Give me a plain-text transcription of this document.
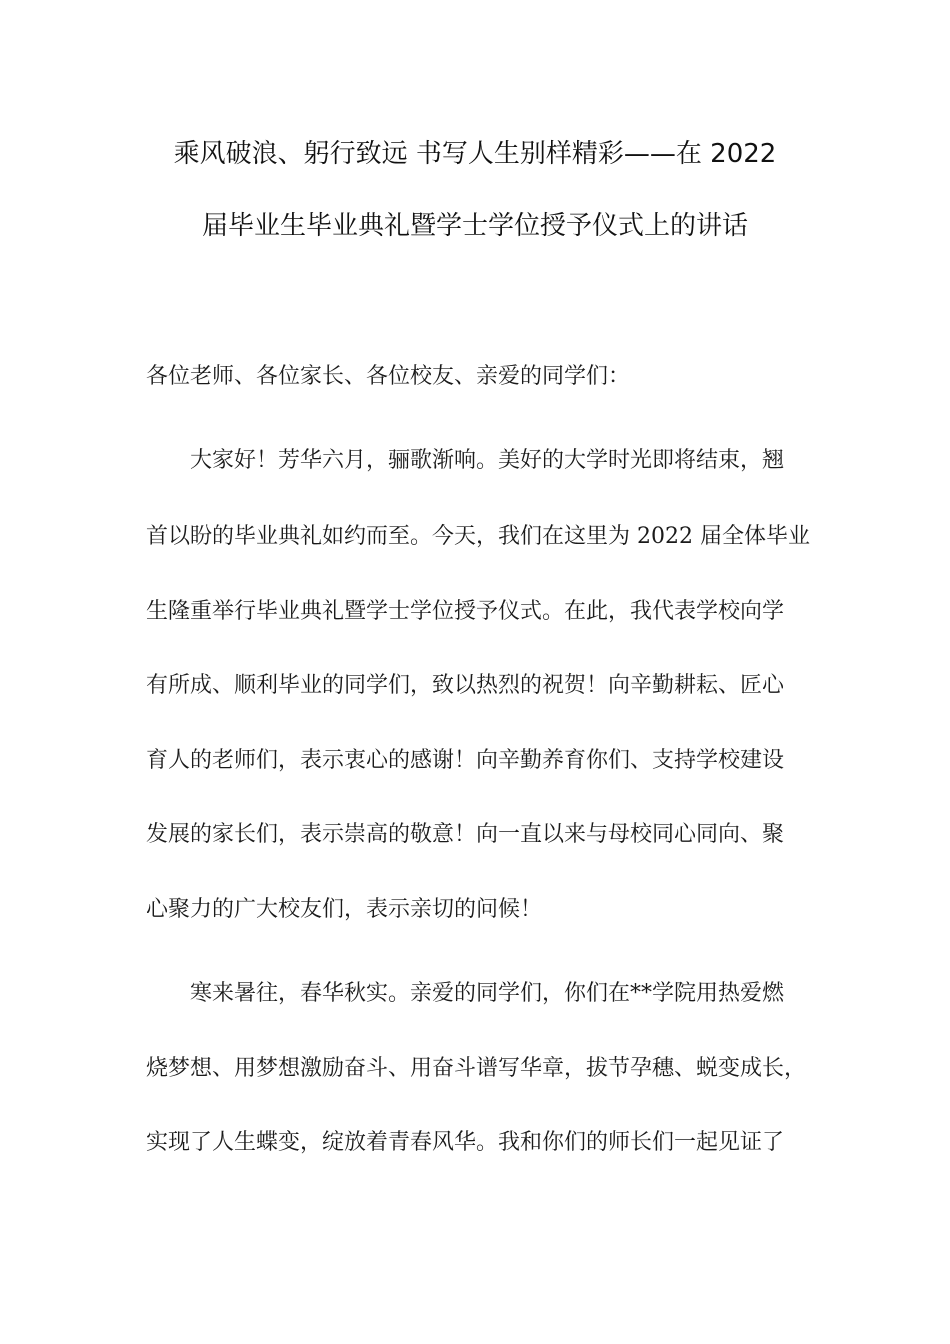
乘风破浪、躬行致远 书写人生别样精彩——在 2022
届毕业生毕业典礼暨学士学位授予仪式上的讲话
各位老师、各位家长、各位校友、亲爱的同学们：
大家好！芳华六月，骊歌渐响。美好的大学时光即将结束，翘
首以盼的毕业典礼如约而至。今天，我们在这里为 2022 届全体毕业
生隆重举行毕业典礼暨学士学位授予仪式。在此，我代表学校向学
有所成、顺利毕业的同学们，致以热烈的祝贺！向辛勤耕耘、匠心
育人的老师们，表示衷心的感谢！向辛勤养育你们、支持学校建设
发展的家长们，表示崇高的敬意！向一直以来与母校同心同向、聚
心聚力的广大校友们，表示亲切的问候！
寒来暑往，春华秋实。亲爱的同学们，你们在**学院用热爱燃
烧梦想、用梦想激励奋斗、用奋斗谱写华章，拔节孕穗、蜕变成长，
实现了人生蝶变，绽放着青春风华。我和你们的师长们一起见证了
